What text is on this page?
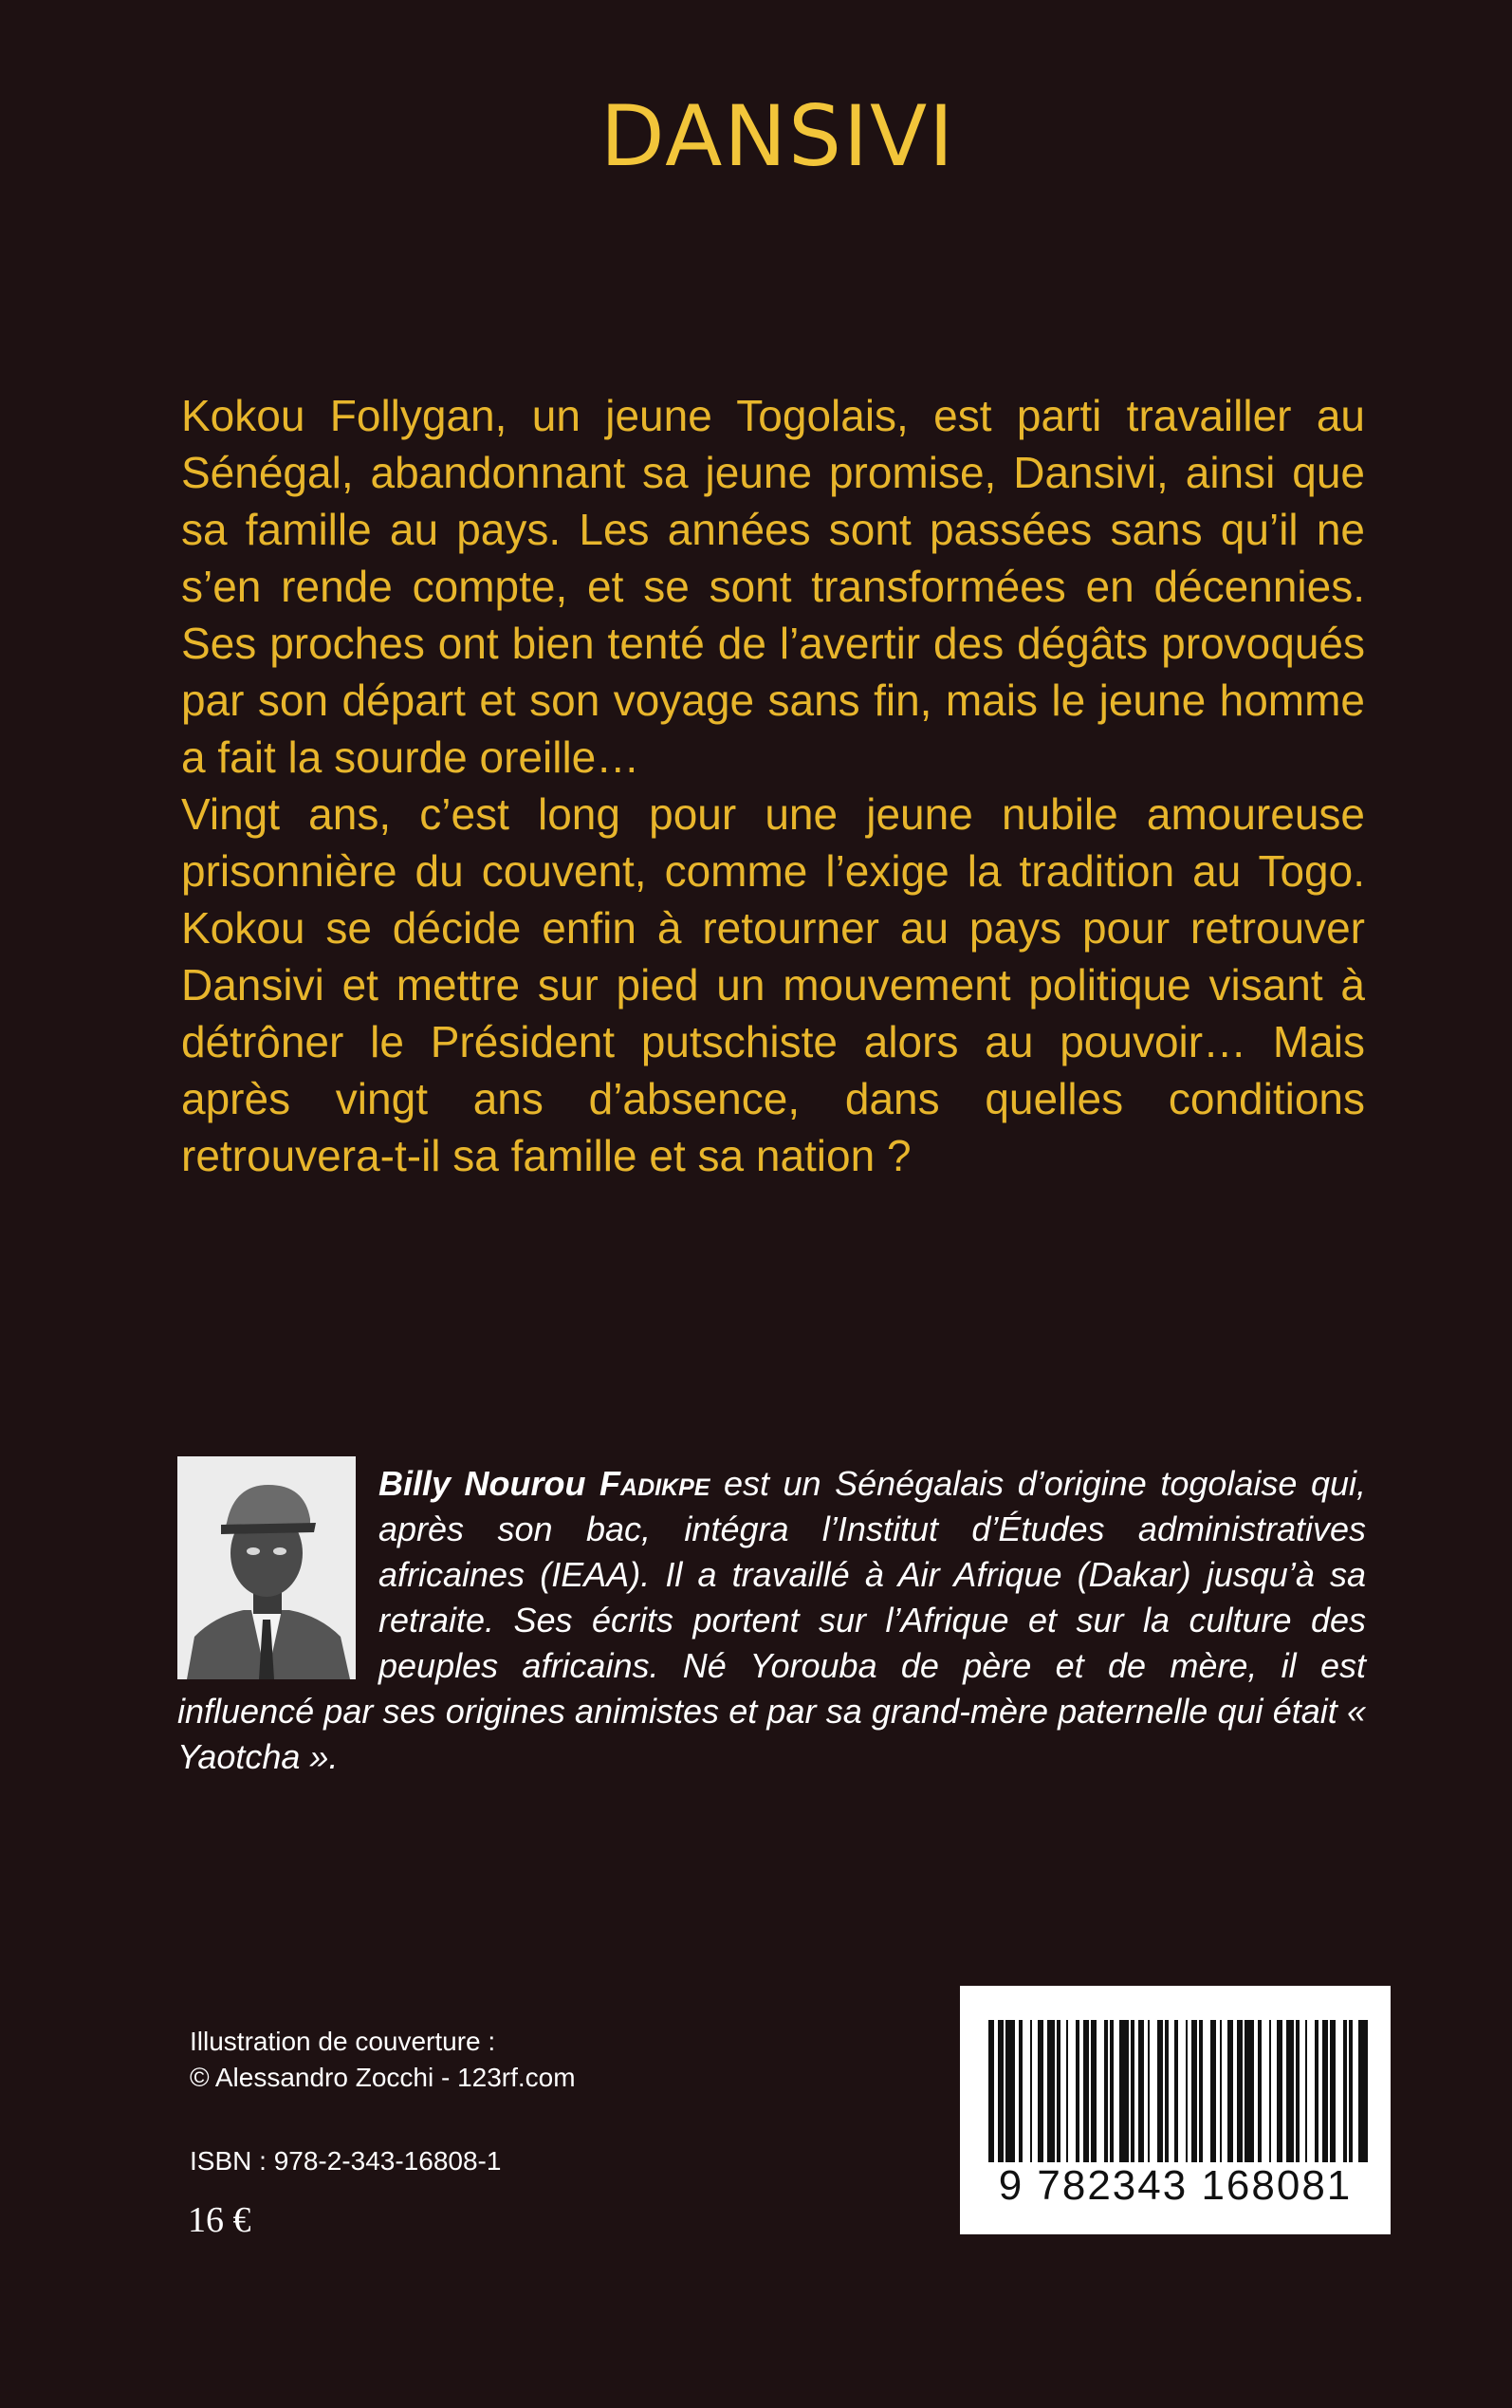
DANSIVI

Kokou Follygan, un jeune Togolais, est parti travailler au Sénégal, abandonnant sa jeune promise, Dansivi, ainsi que sa famille au pays. Les années sont passées sans qu’il ne s’en rende compte, et se sont transformées en décennies. Ses proches ont bien tenté de l’avertir des dégâts provoqués par son départ et son voyage sans fin, mais le jeune homme a fait la sourde oreille…

Vingt ans, c’est long pour une jeune nubile amoureuse prisonnière du couvent, comme l’exige la tradition au Togo. Kokou se décide enfin à retourner au pays pour retrouver Dansivi et mettre sur pied un mouvement politique visant à détrôner le Président putschiste alors au pouvoir… Mais après vingt ans d’absence, dans quelles conditions retrouvera-t-il sa famille et sa nation ?

Billy Nourou Fadikpe est un Sénégalais d’origine togolaise qui, après son bac, intégra l’Institut d’Études administratives africaines (IEAA). Il a travaillé à Air Afrique (Dakar) jusqu’à sa retraite. Ses écrits portent sur l’Afrique et sur la culture des peuples africains. Né Yorouba de père et de mère, il est influencé par ses origines animistes et par sa grand-mère paternelle qui était « Yaotcha ».
Illustration de couverture :
© Alessandro Zocchi - 123rf.com
ISBN : 978-2-343-16808-1
16 €
9 782343 168081
